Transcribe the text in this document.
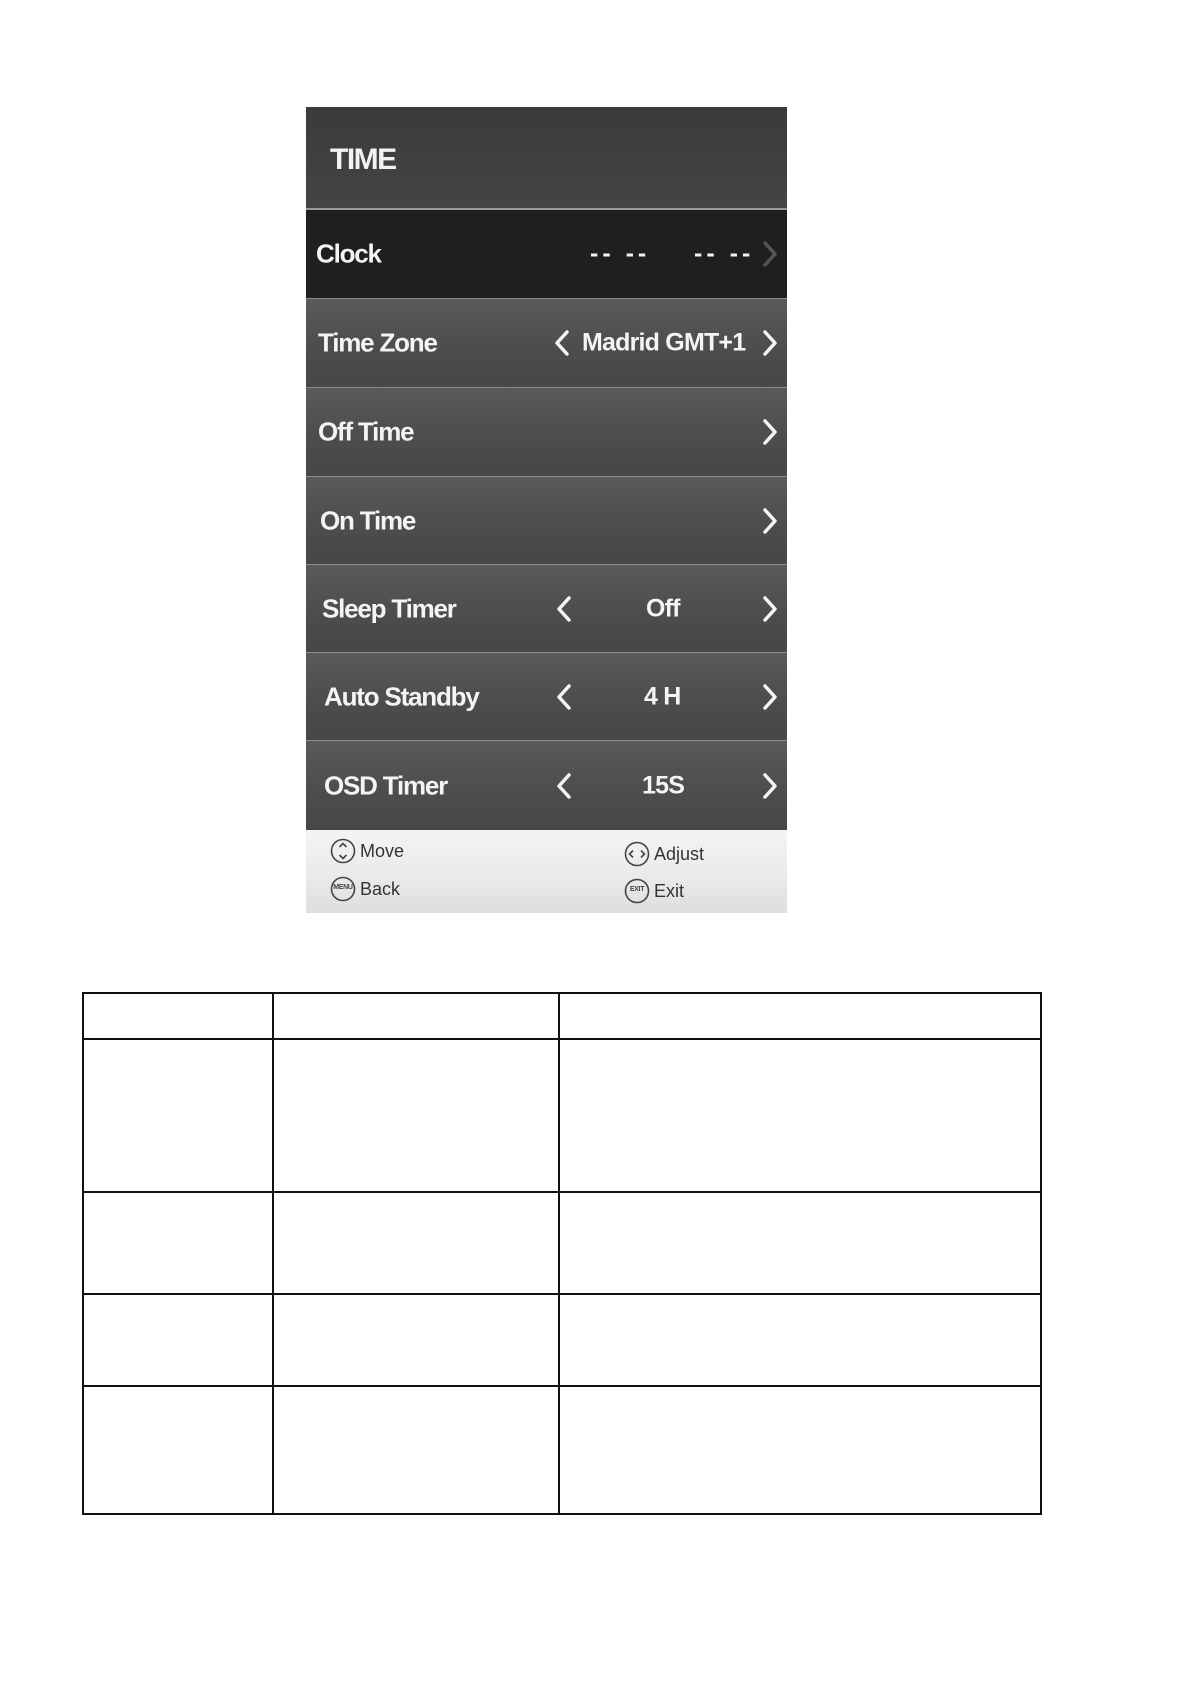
TIME
Clock	-- --    -- --
Time Zone	Madrid GMT+1
Off Time
On Time
Sleep Timer	Off
Auto Standby	4 H
OSD Timer	15S
Move
MENU Back
Adjust
EXIT Exit
